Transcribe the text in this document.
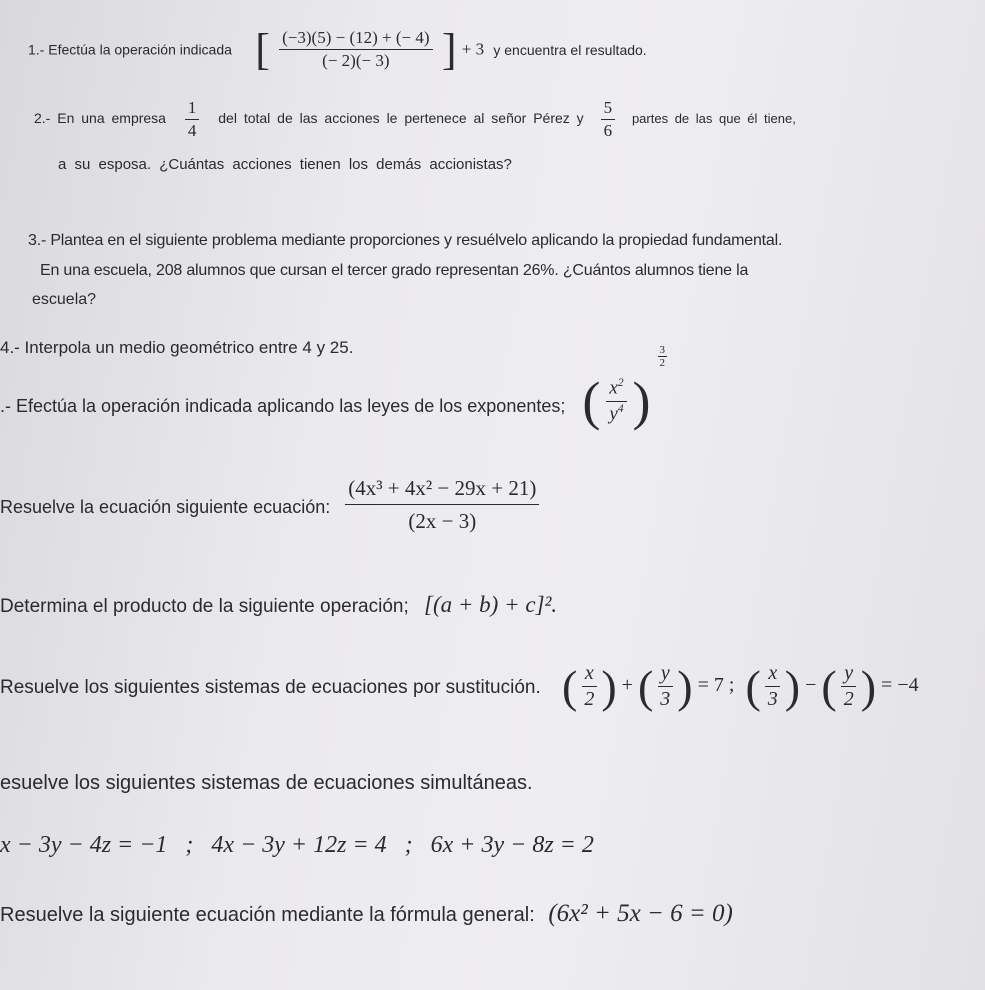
1.- Efectúa la operación indicada [ $\frac{(-3)(5) - (12) + (- 4)}{(- 2)(- 3)}$ ] + 3 y encuentra el resultado.
2.- En una empresa $\frac{1}{4}$ del total de las acciones le pertenece al señor Pérez y $\frac{5}{6}$ partes de las que él tiene,
a su esposa. ¿Cuántas acciones tienen los demás accionistas?
3.- Plantea en el siguiente problema mediante proporciones y resuélvelo aplicando la propiedad fundamental.
En una escuela, 208 alumnos que cursan el tercer grado representan 26%. ¿Cuántos alumnos tiene la
escuela?
4.- Interpola un medio geométrico entre 4 y 25.
.- Efectúa la operación indicada aplicando las leyes de los exponentes; ( $\frac{x^2}{y^4}$ )
$\frac{3}{2}$
Resuelve la ecuación siguiente ecuación: $\frac{\text{(4x³ + 4x² − 29x + 21)}}{(2x - 3)}$
Determina el producto de la siguiente operación; [(a + b) + c]².
Resuelve los siguientes sistemas de ecuaciones por sustitución. ( $\frac{x}{2}$ ) + ( $\frac{y}{3}$ ) = 7 ; ( $\frac{x}{3}$ ) − ( $\frac{y}{2}$ ) = −4
esuelve los siguientes sistemas de ecuaciones simultáneas.
x − 3y − 4z = −1   ;   4x − 3y + 12z = 4   ;   6x + 3y − 8z = 2
Resuelve la siguiente ecuación mediante la fórmula general: (6x² + 5x − 6 = 0)
